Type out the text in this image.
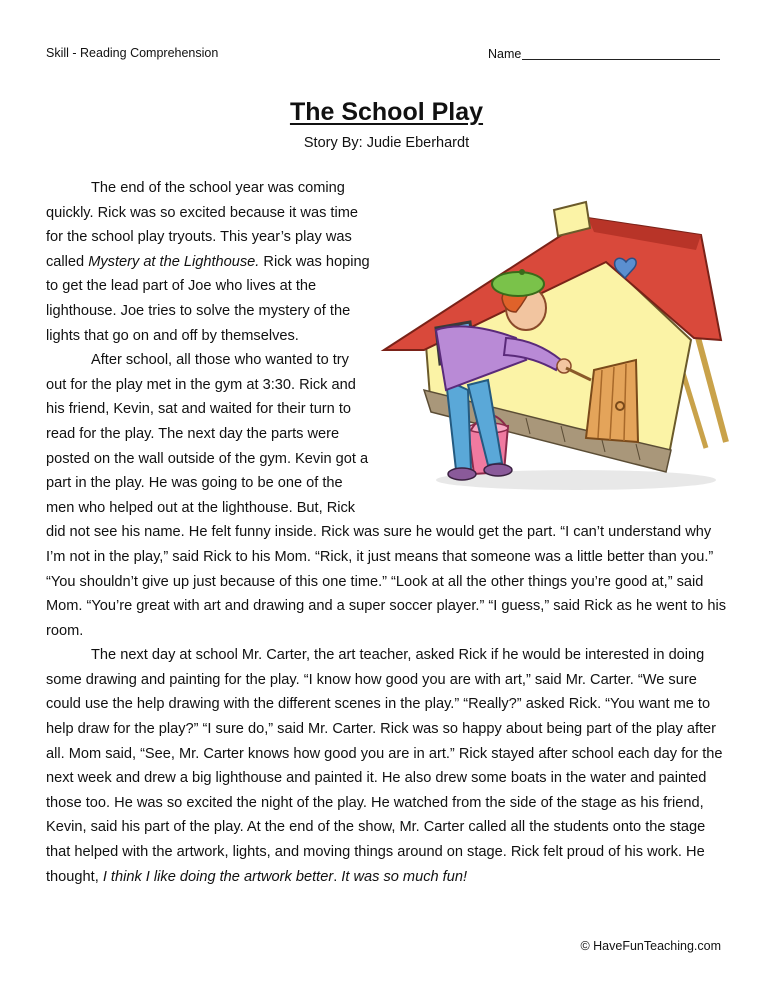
Skill - Reading Comprehension	Name
The School Play
Story By: Judie Eberhardt

The end of the school year was coming quickly. Rick was so excited because it was time for the school play tryouts. This year’s play was called Mystery at the Lighthouse. Rick was hoping to get the lead part of Joe who lives at the lighthouse. Joe tries to solve the mystery of the lights that go on and off by themselves.

After school, all those who wanted to try out for the play met in the gym at 3:30. Rick and his friend, Kevin, sat and waited for their turn to read for the play. The next day the parts were posted on the wall outside of the gym. Kevin got a part in the play. He was going to be one of the men who helped out at the lighthouse. But, Rick did not see his name. He felt funny inside. Rick was sure he would get the part. “I can’t understand why I’m not in the play,” said Rick to his Mom. “Rick, it just means that someone was a little better than you.” “You shouldn’t give up just because of this one time.” “Look at all the other things you’re good at,” said Mom. “You’re great with art and drawing and a super soccer player.” “I guess,” said Rick as he went to his room.

The next day at school Mr. Carter, the art teacher, asked Rick if he would be interested in doing some drawing and painting for the play. “I know how good you are with art,” said Mr. Carter. “We sure could use the help drawing with the different scenes in the play.” “Really?” asked Rick. “You want me to help draw for the play?” “I sure do,” said Mr. Carter. Rick was so happy about being part of the play after all. Mom said, “See, Mr. Carter knows how good you are in art.” Rick stayed after school each day for the next week and drew a big lighthouse and painted it. He also drew some boats in the water and painted those too. He was so excited the night of the play. He watched from the side of the stage as his friend, Kevin, said his part of the play. At the end of the show, Mr. Carter called all the students onto the stage that helped with the artwork, lights, and moving things around on stage. Rick felt proud of his work. He thought, I think I like doing the artwork better. It was so much fun!

© HaveFunTeaching.com
